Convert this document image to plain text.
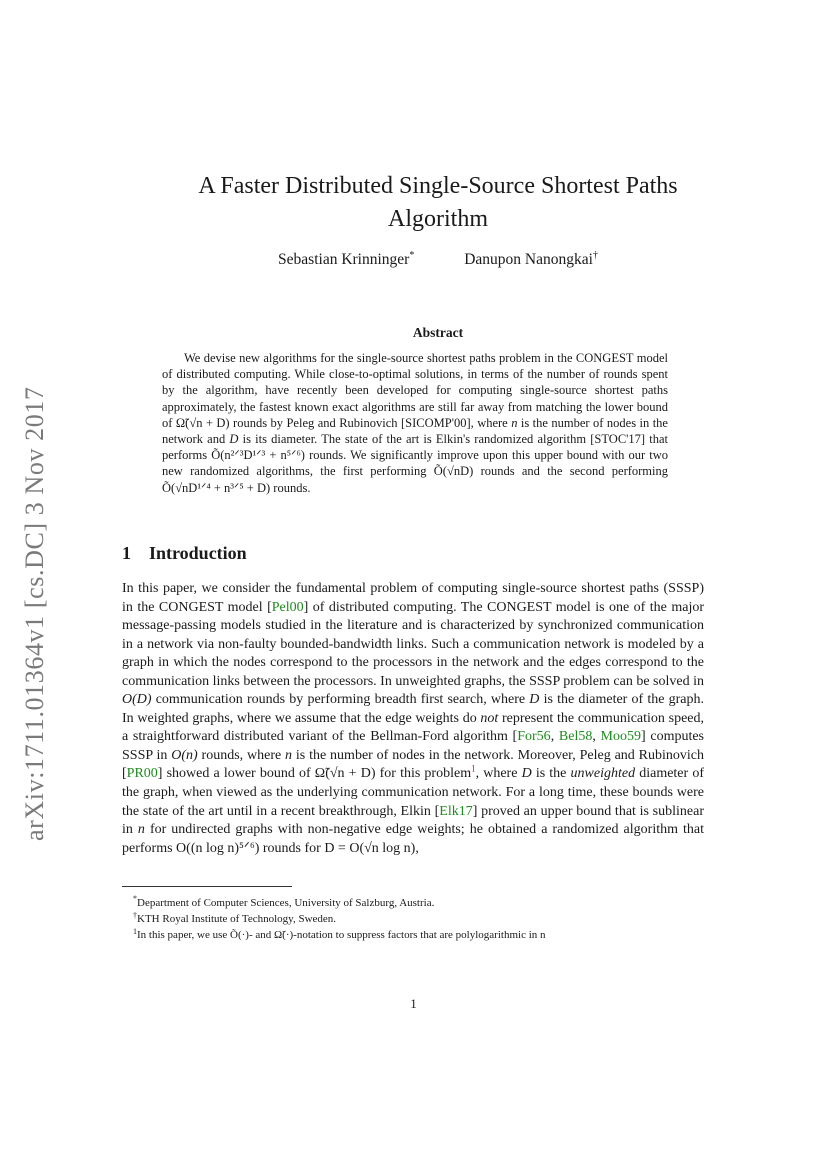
arXiv:1711.01364v1 [cs.DC] 3 Nov 2017
A Faster Distributed Single-Source Shortest Paths
Algorithm
Sebastian Krinninger*	Danupon Nanongkai†
Abstract

We devise new algorithms for the single-source shortest paths problem in the CONGEST model of distributed computing. While close-to-optimal solutions, in terms of the number of rounds spent by the algorithm, have recently been developed for computing single-source shortest paths approximately, the fastest known exact algorithms are still far away from matching the lower bound of Ω̃(√n + D) rounds by Peleg and Rubinovich [SICOMP'00], where n is the number of nodes in the network and D is its diameter. The state of the art is Elkin's randomized algorithm [STOC'17] that performs Õ(n²ᐟ³D¹ᐟ³ + n⁵ᐟ⁶) rounds. We significantly improve upon this upper bound with our two new randomized algorithms, the first performing Õ(√nD) rounds and the second performing Õ(√nD¹ᐟ⁴ + n³ᐟ⁵ + D) rounds.

1 Introduction

In this paper, we consider the fundamental problem of computing single-source shortest paths (SSSP) in the CONGEST model [Pel00] of distributed computing. The CONGEST model is one of the major message-passing models studied in the literature and is characterized by synchronized communication in a network via non-faulty bounded-bandwidth links. Such a communication network is modeled by a graph in which the nodes correspond to the processors in the network and the edges correspond to the communication links between the processors. In unweighted graphs, the SSSP problem can be solved in O(D) communication rounds by performing breadth first search, where D is the diameter of the graph. In weighted graphs, where we assume that the edge weights do not represent the communication speed, a straightforward distributed variant of the Bellman-Ford algorithm [For56, Bel58, Moo59] computes SSSP in O(n) rounds, where n is the number of nodes in the network. Moreover, Peleg and Rubinovich [PR00] showed a lower bound of Ω̃(√n + D) for this problem$^1$, where D is the unweighted diameter of the graph, when viewed as the underlying communication network. For a long time, these bounds were the state of the art until in a recent breakthrough, Elkin [Elk17] proved an upper bound that is sublinear in n for undirected graphs with non-negative edge weights; he obtained a randomized algorithm that performs O((n log n)⁵ᐟ⁶) rounds for D = O(√n log n),

*Department of Computer Sciences, University of Salzburg, Austria.
†KTH Royal Institute of Technology, Sweden.
$^1$In this paper, we use Õ(·)- and Ω̃(·)-notation to suppress factors that are polylogarithmic in n
1
